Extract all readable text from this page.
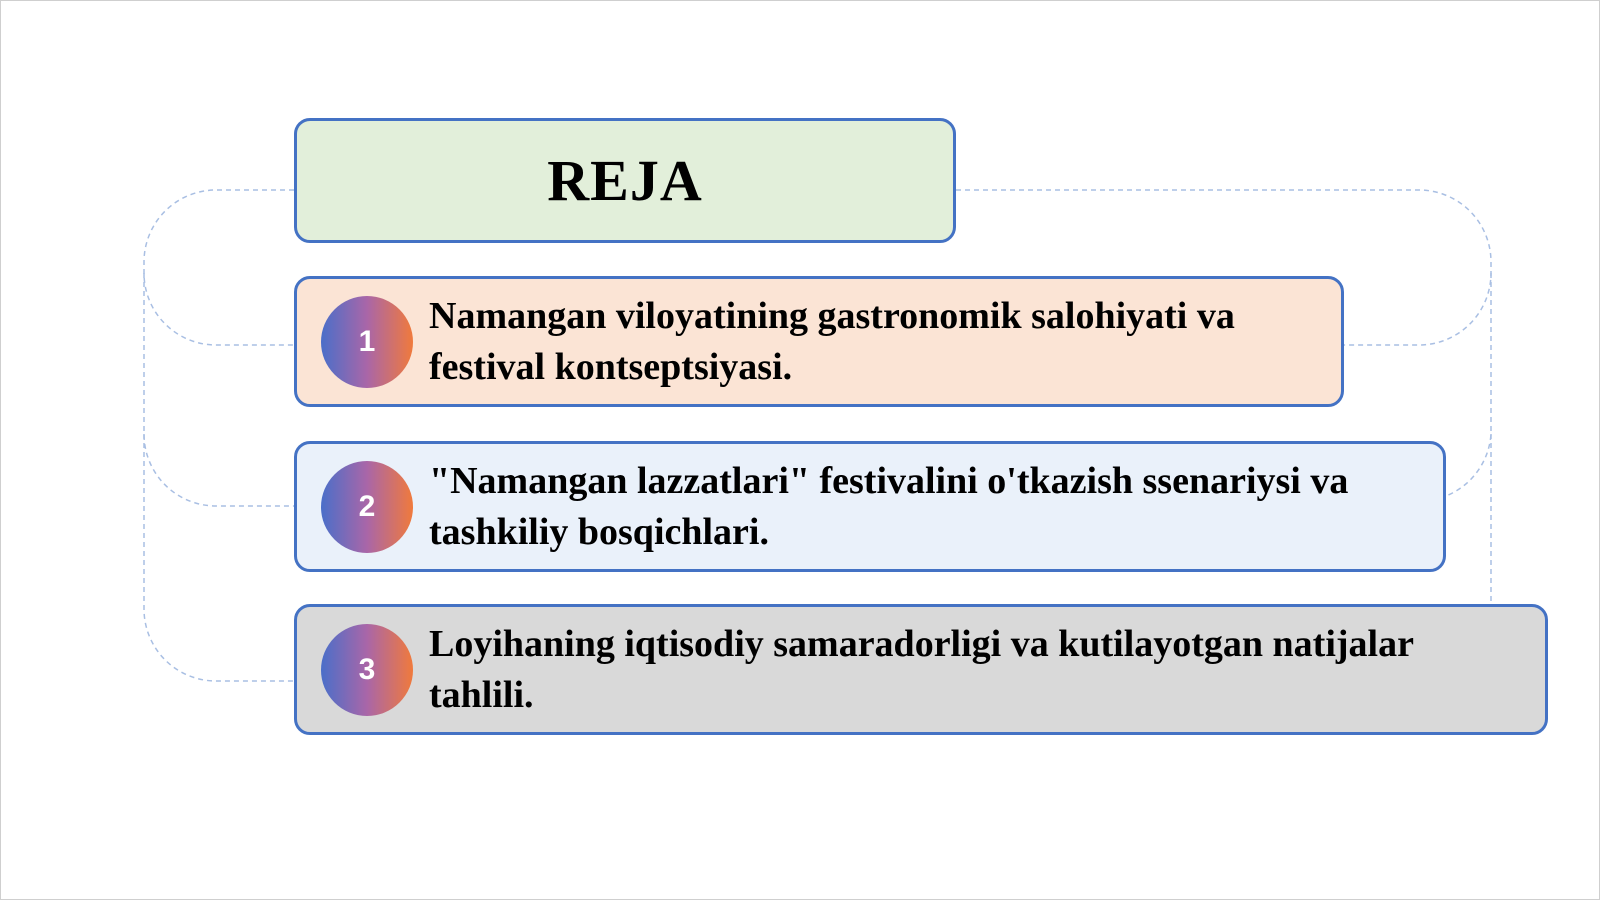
REJA
1
Namangan viloyatining gastronomik salohiyati va festival kontseptsiyasi.
2
"Namangan lazzatlari" festivalini o'tkazish ssenariysi va tashkiliy bosqichlari.
3
Loyihaning iqtisodiy samaradorligi va kutilayotgan natijalar tahlili.
